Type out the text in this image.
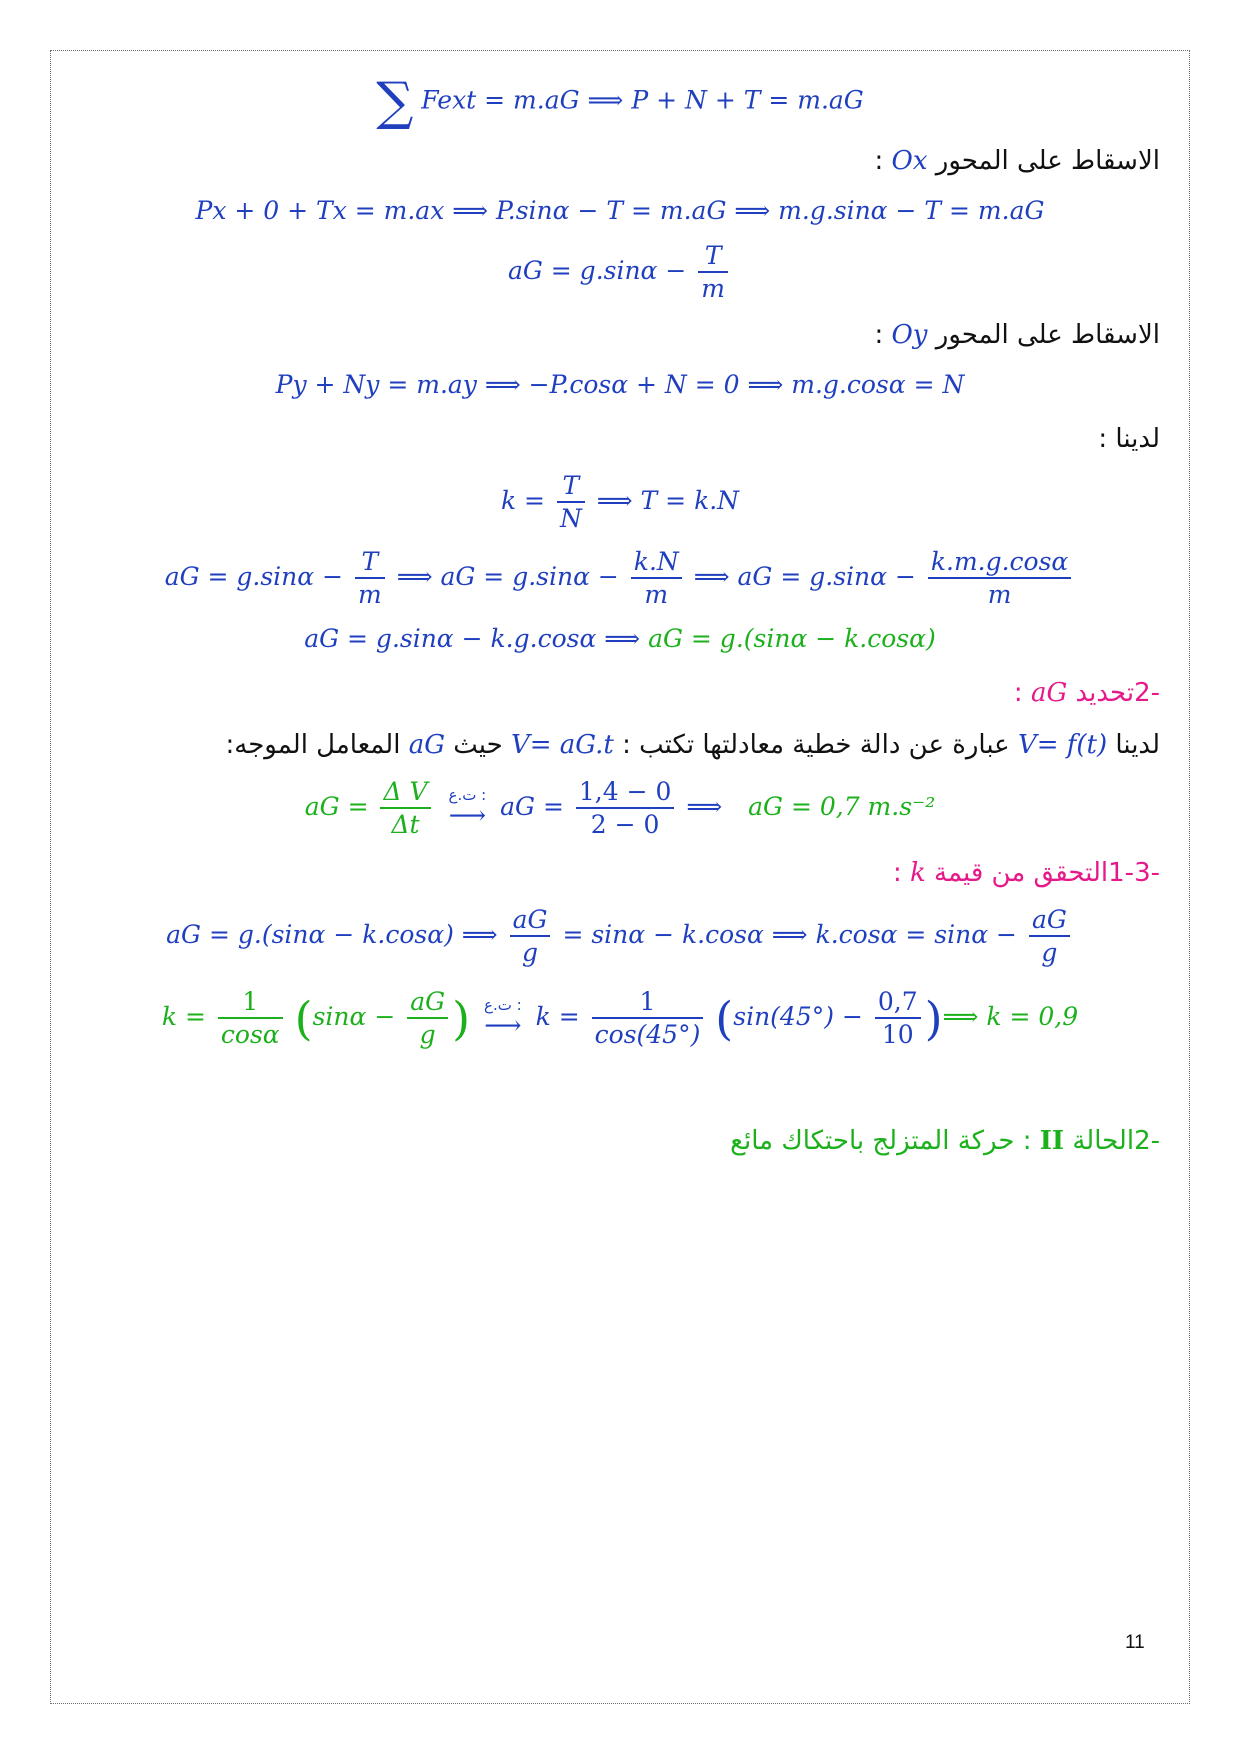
∑ Fext = m.aG ⟹ P + N + T = m.aG
الاسقاط على المحور Ox :
Px + 0 + Tx = m.ax ⟹ P.sinα − T = m.aG ⟹ m.g.sinα − T = m.aG
aG = $g.\sin\alpha - \frac{T}{m}$
الاسقاط على المحور Oy :
Py + Ny = m.ay ⟹ −P.cosα + N = 0 ⟹ m.g.cosα = N
لدينا :
$k = \frac{T}{N}$ ⟹ T = k.N
aG = $g.\sin\alpha - \frac{T}{m}$ ⟹ aG = $g.\sin\alpha - \frac{k.N}{m}$ ⟹ aG = $g.\sin\alpha - \frac{k.m.g.\cos\alpha}{m}$
aG = g.sinα − k.g.cosα ⟹ aG = g.(sinα − k.cosα)
-2تحديد aG :
لدينا V= f(t) عبارة عن دالة خطية معادلتها تكتب : V= aG.t حيث aG المعامل الموجه:
aG = $\frac{\text{Δ V}}{\Delta t}$
ت.ع :
⟶ aG = $\frac{1,4 - 0}{2 - 0}$ ⟹ aG = 0,7 m.s⁻²
-1-3التحقق من قيمة k :
aG = g.(sinα − k.cosα) ⟹ $\frac{aG}{g} = \sin\alpha - k.\cos\alpha$ ⟹ $k.\cos\alpha = \sin\alpha - \frac{aG}{g}$
$k = \frac{1}{\cos\alpha} (\sin\alpha - \frac{aG}{g}$ ) ت.ع :
⟶ $k = \frac{1}{\cos(45^\circ)} (\sin(45^\circ) - \frac{0,7}{10}$ )⟹ k = 0,9
-2الحالة II : حركة المتزلج باحتكاك مائع
11
